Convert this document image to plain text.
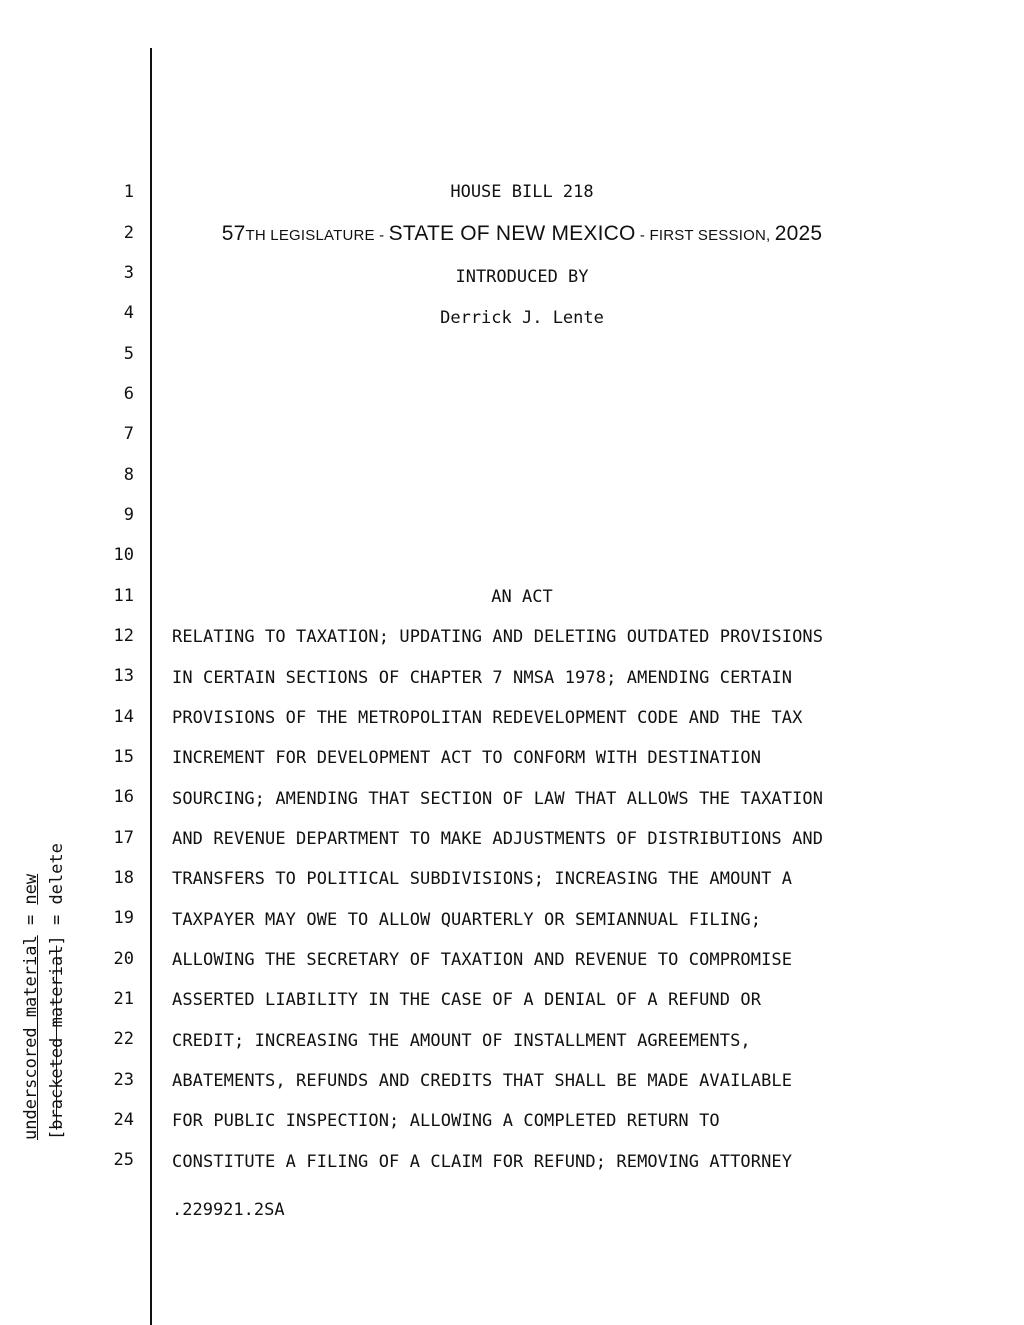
underscored material = new
[bracketed material] = delete
1
2
3
4
5
6
7
8
9
10
11
12
13
14
15
16
17
18
19
20
21
22
23
24
25
HOUSE BILL 218
57TH LEGISLATURE - STATE OF NEW MEXICO - FIRST SESSION, 2025
INTRODUCED BY
Derrick J. Lente
AN ACT
RELATING TO TAXATION; UPDATING AND DELETING OUTDATED PROVISIONS
IN CERTAIN SECTIONS OF CHAPTER 7 NMSA 1978; AMENDING CERTAIN
PROVISIONS OF THE METROPOLITAN REDEVELOPMENT CODE AND THE TAX
INCREMENT FOR DEVELOPMENT ACT TO CONFORM WITH DESTINATION
SOURCING; AMENDING THAT SECTION OF LAW THAT ALLOWS THE TAXATION
AND REVENUE DEPARTMENT TO MAKE ADJUSTMENTS OF DISTRIBUTIONS AND
TRANSFERS TO POLITICAL SUBDIVISIONS; INCREASING THE AMOUNT A
TAXPAYER MAY OWE TO ALLOW QUARTERLY OR SEMIANNUAL FILING;
ALLOWING THE SECRETARY OF TAXATION AND REVENUE TO COMPROMISE
ASSERTED LIABILITY IN THE CASE OF A DENIAL OF A REFUND OR
CREDIT; INCREASING THE AMOUNT OF INSTALLMENT AGREEMENTS,
ABATEMENTS, REFUNDS AND CREDITS THAT SHALL BE MADE AVAILABLE
FOR PUBLIC INSPECTION; ALLOWING A COMPLETED RETURN TO
CONSTITUTE A FILING OF A CLAIM FOR REFUND; REMOVING ATTORNEY
.229921.2SA
